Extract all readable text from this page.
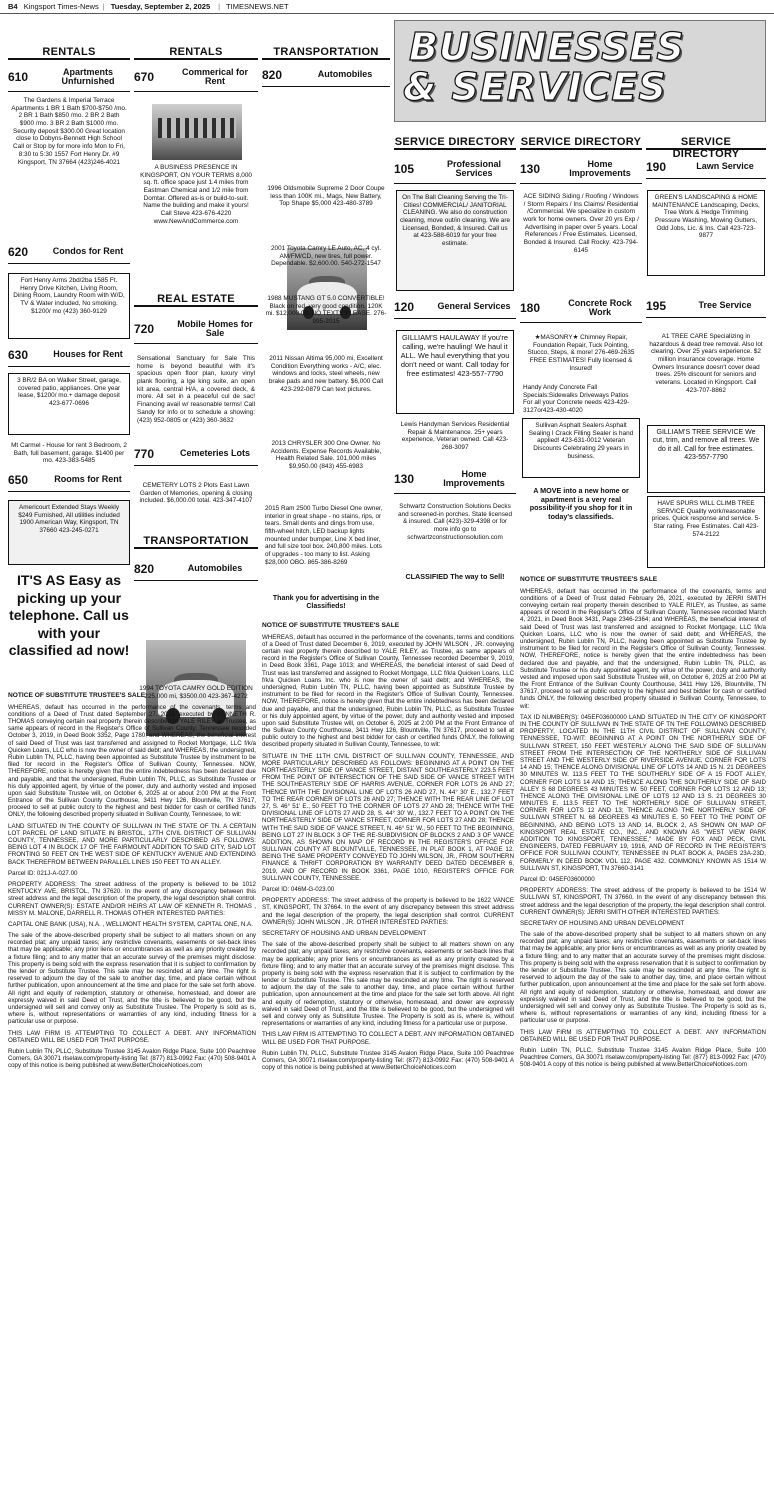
B4 Kingsport Times-News | Tuesday, September 2, 2025 | TIMESNEWS.NET
RENTALS
610	Apartments Unfurnished
The Gardens & Imperial Terrace Apartments 1 BR 1 Bath $700-$750 /mo. 2 BR 1 Bath $850 /mo. 2 BR 2 Bath $900 /mo. 3 BR 2 Bath $1000 /mo. Security deposit $300.00 Great location close to Dobyns-Bennett High School Call or Stop by for more info Mon to Fri, 8:30 to 5:30 1557 Fort Henry Dr. #9 Kingsport, TN 37664 (423)246-4021
620	Condos for Rent
Fort Henry Arms 2bd/2ba 1585 Ft. Henry Drive Kitchen, Living Room, Dining Room, Laundry Room with W/D, TV & Water included, No smoking. $1200/ mo (423) 360-9129
630	Houses for Rent
3 BR/2 BA on Walker Street, garage, covered patio, appliances. One year lease, $1200/ mo.+ damage deposit 423-677-0696
Mt Carmel - House for rent 3 Bedroom, 2 Bath, full basement, garage. $1400 per mo. 423-383-5485
650	Rooms for Rent
Americourt Extended Stays Weekly $249 Furnished, All utilities included 1900 American Way, Kingsport, TN 37660 423-245-0271
IT'S AS Easy as picking up your telephone. Call us with your classified ad now!
RENTALS
670	Commerical for Rent
A BUSINESS PRESENCE IN KINGSPORT, ON YOUR TERMS 8,000 sq. ft. office space just 1.4 miles from Eastman Chemical and 1/2 mile from Domtar. Offered as-is or build-to-suit. Name the building and make it yours! Call Steve 423-676-4220 www.NewAndCommerce.com
REAL ESTATE
720	Mobile Homes for Sale
Sensational Sanctuary for Sale This home is beyond beautiful with it's spacious open floor plan, luxury vinyl plank flooring, a lge king suite, an open kit area, central H/A, a covered deck, & more. All set in a peaceful cul de sac! Financing avail w/ reasonable terms! Call Sandy for info or to schedule a showing: (423) 952-0805 or (423) 360-3632
770	Cemeteries Lots
CEMETERY LOTS 2 Plots East Lawn Garden of Memories, opening & closing included. $6,000.00 total. 423-347-4107
TRANSPORTATION
820	Automobiles
1994 TOYOTA CAMRY GOLD EDITION 225,000 mi, $3500.00 423-367-4272
TRANSPORTATION
820	Automobiles
1996 Oldsmobile Supreme 2 Door Coupe less than 100K mi., Mags, New Battery, Top Shape $5,000 423-480-3789
2001 Toyota Camry LE Auto, AC, 4 cyl. AM/FM/CD, new tires, full power. Dependable. $2,600.00. 540-272-1547
1988 MUSTANG GT 5.0 CONVERTIBLE! Black on red, very good condition. 120K mi. $12,000.00. NO TEXTS PLEASE. 276-995-2015
2011 Nissan Altima 95,000 mi, Excellent Condition Everything works - A/C, elec. windows and locks, steel wheels, new brake pads and new battery. $6,000 Call 423-292-0879 Can text pictures.
2013 CHRYSLER 300 One Owner. No Accidents. Expense Records Available, Health Related Sale. 101,000 miles $9,950.00 (843) 455-6983
2015 Ram 2500 Turbo Diesel One owner, interior in great shape - no stains, rips, or tears. Small dents and dings from use, fifth-wheel hitch, LED backup lights mounted under bumper, Line X bed liner, and full size tool box. 240,800 miles. Lots of upgrades - too many to list. Asking $28,000 OBO. 865-386-8269
Thank you for advertising in the Classifieds!
BUSINESSES
& SERVICES
SERVICE DIRECTORY
105	Professional Services
On The Ball Cleaning Serving the Tri-Cities! COMMERCIAL/ JANITORIAL CLEANING. We also do construction cleaning, move out/in cleaning. We are Licensed, Bonded, & Insured. Call us at 423-588-6019 for your free estimate.
120	General Services
GILLIAM'S HAULAWAY If you're calling, we're hauling! We haul it ALL. We haul everything that you don't need or want. Call today for free estimates! 423-557-7790
Lewis Handyman Services Residential Repair & Maintenance. 25+ years experience, Veteran owned. Call 423-268-3097
130	Home Improvements
Schwartz Construction Solutions Decks and screened-in porches. State licensed & insured. Call (423)-329-4398 or for more info go to schwartzconstructionsolution.com
CLASSIFIED The way to Sell!
SERVICE DIRECTORY
130	Home Improvements
ACE SIDING Siding / Roofing / Windows / Storm Repairs / Ins Claims/ Residential /Commercial. We specialize in custom work for home owners. Over 20 yrs Exp / Advertising in paper over 5 years. Local References / Free Estimates. Licensed, Bonded & Insured. Call Rocky: 423-794-6145
180	Concrete Rock Work
★MASONRY★ Chimney Repair, Foundation Repair, Tuck Pointing, Stucco, Steps, & more! 276-469-2635 FREE ESTIMATES! Fully licensed & Insured!
Handy Andy Concrete Fall Specials:Sidewalks Driveways Patios For all your Concrete needs 423-429-3127or423-430-4020
Sullivan Asphalt Sealers Asphalt Sealing I Crack Filling Sealer is hand applied! 423-631-0012 Veteran Discounts Celebrating 29 years in business.
A MOVE into a new home or apartment is a very real possibility-if you shop for it in today's classifieds.
SERVICE DIRECTORY
190	Lawn Service
GREEN'S LANDSCAPING & HOME MAINTENANCE Landscaping, Decks, Tree Work & Hedge Trimming Pressure Washing, Mowing Gutters, Odd Jobs, Lic. & Ins. Call 423-723-9877
195	Tree Service
A1 TREE CARE Specializing in hazardous & dead tree removal. Also lot clearing. Over 25 years experience. $2 million insurance coverage. Home Owners Insurance doesn't cover dead trees. 25% discount for seniors and veterans. Located in Kingsport. Call 423-707-8862
GILLIAM'S TREE SERVICE We cut, trim, and remove all trees. We do it all. Call for free estimates. 423-557-7790
HAVE SPURS WILL CLIMB TREE SERVICE Quality work/reasonable prices. Quick response and service. 5-Star rating. Free Estimates. Call 423-574-2122
NOTICE OF SUBSTITUTE TRUSTEE'S SALE

WHEREAS, default has occurred in the performance of the covenants, terms and conditions of a Deed of Trust dated September 27, 2019, executed by KENNETH R. THOMAS conveying certain real property therein described to YALE RILEY as Trustee, as same appears of record in the Register's Office of Sullivan County, Tennessee recorded October 3, 2019, in Deed Book 3352, Page 1780; and WHEREAS, the beneficial interest of said Deed of Trust was last transferred and assigned to Rocket Mortgage, LLC f/k/a Quicken Loans, LLC who is now the owner of said debt; and WHEREAS, the undersigned, Rubin Lublin TN, PLLC, having been appointed as Substitute Trustee by instrument to be filed for record in the Register's Office of Sullivan County, Tennessee. NOW, THEREFORE, notice is hereby given that the entire indebtedness has been declared due and payable, and that the undersigned, Rubin Lublin TN, PLLC, as Substitute Trustee or his duly appointed agent, by virtue of the power, duty and authority vested and imposed upon said Substitute Trustee will, on October 6, 2025 at or about 2:00 PM at the Front Entrance of the Sullivan County Courthouse, 3411 Hwy 126, Blountville, TN 37617, proceed to sell at public outcry to the highest and best bidder for cash or certified funds ONLY, the following described property situated in Sullivan County, Tennessee, to wit:

LAND SITUATED IN THE COUNTY OF SULLIVAN IN THE STATE OF TN. A CERTAIN LOT PARCEL OF LAND SITUATE IN BRISTOL, 17TH CIVIL DISTRICT OF SULLIVAN COUNTY, TENNESSEE, AND MORE PARTICULARLY DESCRIBED AS FOLLOWS: BEING LOT 4 IN BLOCK 17 OF THE FAIRMOUNT ADDITION TO SAID CITY, SAID LOT FRONTING 50 FEET ON THE WEST SIDE OF KENTUCKY AVENUE AND EXTENDING BACK THEREFROM BETWEEN PARALLEL LINES 150 FEET TO AN ALLEY.

Parcel ID: 021J-A-027.00

PROPERTY ADDRESS: The street address of the property is believed to be 1012 KENTUCKY AVE, BRISTOL, TN 37620. In the event of any discrepancy between this street address and the legal description of the property, the legal description shall control. CURRENT OWNER(S): ESTATE AND/OR HEIRS AT LAW OF KENNETH R. THOMAS , MISSY M. MALONE, DARRELL R. THOMAS OTHER INTERESTED PARTIES:

CAPITAL ONE BANK (USA), N.A. , WELLMONT HEALTH SYSTEM, CAPITAL ONE, N.A.

The sale of the above-described property shall be subject to all matters shown on any recorded plat; any unpaid taxes; any restrictive covenants, easements or set-back lines that may be applicable; any prior liens or encumbrances as well as any priority created by a fixture filing; and to any matter that an accurate survey of the premises might disclose. This property is being sold with the express reservation that it is subject to confirmation by the lender or Substitute Trustee. This sale may be rescinded at any time. The right is reserved to adjourn the day of the sale to another day, time, and place certain without further publication, upon announcement at the time and place for the sale set forth above. All right and equity of redemption, statutory or otherwise, homestead, and dower are expressly waived in said Deed of Trust, and the title is believed to be good, but the undersigned will sell and convey only as Substitute Trustee. The Property is sold as is, where is, without representations or warranties of any kind, including fitness for a particular use or purpose.

THIS LAW FIRM IS ATTEMPTING TO COLLECT A DEBT. ANY INFORMATION OBTAINED WILL BE USED FOR THAT PURPOSE.

Rubin Lublin TN, PLLC, Substitute Trustee 3145 Avalon Ridge Place, Suite 100 Peachtree Corners, GA 30071 rlselaw.com/property-listing Tel: (877) 813-0992 Fax: (470) 508-9401 A copy of this notice is being published at www.BetterChoiceNotices.com

NOTICE OF SUBSTITUTE TRUSTEE'S SALE

WHEREAS, default has occurred in the performance of the covenants, terms and conditions of a Deed of Trust dated December 6, 2019, executed by JOHN WILSON , JR. conveying certain real property therein described to YALE RILEY, as Trustee, as same appears of record in the Register's Office of Sullivan County, Tennessee recorded December 9, 2019, in Deed Book 3361, Page 1013; and WHEREAS, the beneficial interest of said Deed of Trust was last transferred and assigned to Rocket Mortgage, LLC f/k/a Quicken Loans, LLC f/k/a Quicken Loans Inc. who is now the owner of said debt; and WHEREAS, the undersigned, Rubin Lublin TN, PLLC, having been appointed as Substitute Trustee by instrument to be filed for record in the Register's Office of Sullivan County, Tennessee. NOW, THEREFORE, notice is hereby given that the entire indebtedness has been declared due and payable, and that the undersigned, Rubin Lublin TN, PLLC, as Substitute Trustee or his duly appointed agent, by virtue of the power, duty and authority vested and imposed upon said Substitute Trustee will, on October 6, 2025 at 2:00 PM at the Front Entrance of the Sullivan County Courthouse, 3411 Hwy 126, Blountville, TN 37617, proceed to sell at public outcry to the highest and best bidder for cash or certified funds ONLY, the following described property situated in Sullivan County, Tennessee, to wit:

SITUATE IN THE 11TH CIVIL DISTRICT OF SULLIVAN COUNTY, TENNESSEE, AND MORE PARTICULARLY DESCRIBED AS FOLLOWS: BEGINNING AT A POINT ON THE NORTHEASTERLY SIDE OF VANCE STREET, DISTANT SOUTHEASTERLY 223.5 FEET FROM THE POINT OF INTERSECTION OF THE SAID SIDE OF VANCE STREET WITH THE SOUTHEASTERLY SIDE OF HARRIS AVENUE, CORNER FOR LOTS 26 AND 27; THENCE WITH THE DIVISIONAL LINE OF LOTS 26 AND 27, N. 44° 30' E., 132.7 FEET TO THE REAR CORNER OF LOTS 26 AND 27; THENCE WITH THE REAR LINE OF LOT 27, S. 46° 51' E., 50 FEET TO THE CORNER OF LOTS 27 AND 28; THENCE WITH THE DIVISIONAL LINE OF LOTS 27 AND 28, S. 44° 30' W., 132.7 FEET TO A POINT ON THE NORTHEASTERLY SIDE OF VANCE STREET, CORNER FOR LOTS 27 AND 28; THENCE WITH THE SAID SIDE OF VANCE STREET, N. 46° 51' W., 50 FEET TO THE BEGINNING, BEING LOT 27 IN BLOCK 3 OF THE RE-SUBDIVISION OF BLOCKS 2 AND 3 OF VANCE ADDITION, AS SHOWN ON MAP OF RECORD IN THE REGISTER'S OFFICE FOR SULLIVAN COUNTY AT BLOUNTVILLE, TENNESSEE, IN PLAT BOOK 1, AT PAGE 12. BEING THE SAME PROPERTY CONVEYED TO JOHN WILSON, JR., FROM SOUTHERN FINANCE & THRIFT CORPORATION BY WARRANTY DEED DATED DECEMBER 6, 2019, AND OF RECORD IN BOOK 3361, PAGE 1010, REGISTER'S OFFICE FOR SULLIVAN COUNTY, TENNESSEE.

Parcel ID: 046M-G-023.00

PROPERTY ADDRESS: The street address of the property is believed to be 1622 VANCE ST, KINGSPORT, TN 37664. In the event of any discrepancy between this street address and the legal description of the property, the legal description shall control. CURRENT OWNER(S): JOHN WILSON , JR. OTHER INTERESTED PARTIES:

SECRETARY OF HOUSING AND URBAN DEVELOPMENT

The sale of the above-described property shall be subject to all matters shown on any recorded plat; any unpaid taxes; any restrictive covenants, easements or set-back lines that may be applicable; any prior liens or encumbrances as well as any priority created by a fixture filing; and to any matter that an accurate survey of the premises might disclose. This property is being sold with the express reservation that it is subject to confirmation by the lender or Substitute Trustee. This sale may be rescinded at any time. The right is reserved to adjourn the day of the sale to another day, time, and place certain without further publication, upon announcement at the time and place for the sale set forth above. All right and equity of redemption, statutory or otherwise, homestead, and dower are expressly waived in said Deed of Trust, and the title is believed to be good, but the undersigned will sell and convey only as Substitute Trustee. The Property is sold as is, where is, without representations or warranties of any kind, including fitness for a particular use or purpose.

THIS LAW FIRM IS ATTEMPTING TO COLLECT A DEBT. ANY INFORMATION OBTAINED WILL BE USED FOR THAT PURPOSE.

Rubin Lublin TN, PLLC, Substitute Trustee 3145 Avalon Ridge Place, Suite 100 Peachtree Corners, GA 30071 rlselaw.com/property-listing Tel: (877) 813-0992 Fax: (470) 508-9401 A copy of this notice is being published at www.BetterChoiceNotices.com

NOTICE OF SUBSTITUTE TRUSTEE'S SALE

WHEREAS, default has occurred in the performance of the covenants, terms and conditions of a Deed of Trust dated February 26, 2021, executed by JERRI SMITH conveying certain real property therein described to YALE RILEY, as Trustee, as same appears of record in the Register's Office of Sullivan County, Tennessee recorded March 4, 2021, in Deed Book 3431, Page 2346-2364; and WHEREAS, the beneficial interest of said Deed of Trust was last transferred and assigned to Rocket Mortgage, LLC f/k/a Quicken Loans, LLC who is now the owner of said debt; and WHEREAS, the undersigned, Rubin Lublin TN, PLLC, having been appointed as Substitute Trustee by instrument to be filed for record in the Register's Office of Sullivan County, Tennessee. NOW, THEREFORE, notice is hereby given that the entire indebtedness has been declared due and payable, and that the undersigned, Rubin Lublin TN, PLLC, as Substitute Trustee or his duly appointed agent, by virtue of the power, duty and authority vested and imposed upon said Substitute Trustee will, on October 6, 2025 at 2:00 PM at the Front Entrance of the Sullivan County Courthouse, 3411 Hwy 126, Blountville, TN 37617, proceed to sell at public outcry to the highest and best bidder for cash or certified funds ONLY, the following described property situated in Sullivan County, Tennessee, to wit:

TAX ID NUMBER(S): 045EF03600000 LAND SITUATED IN THE CITY OF KINGSPORT IN THE COUNTY OF SULLIVAN IN THE STATE OF TN THE FOLLOWING DESCRIBED PROPERTY, LOCATED IN THE 11TH CIVIL DISTRICT OF SULLIVAN COUNTY, TENNESSEE, TO-WIT: BEGINNING AT A POINT ON THE NORTHERLY SIDE OF SULLIVAN STREET, 150 FEET WESTERLY ALONG THE SAID SIDE OF SULLIVAN STREET FROM THE INTERSECTION OF THE NORTHERLY SIDE OF SULLIVAN STREET AND THE WESTERLY SIDE OF RIVERSIDE AVENUE, CORNER FOR LOTS 14 AND 15; THENCE ALONG DIVISIONAL LINE OF LOTS 14 AND 15 N. 21 DEGREES 30 MINUTES W. 113.5 FEET TO THE SOUTHERLY SIDE OF A 15 FOOT ALLEY, CORNER FOR LOTS 14 AND 15; THENCE ALONG THE SOUTHERLY SIDE OF SAID ALLEY S 68 DEGREES 43 MINUTES W. 50 FEET, CORNER FOR LOTS 12 AND 13; THENCE ALONG THE DIVISIONAL LINE OF LOTS 12 AND 13 S. 21 DEGREES 30 MINUTES E. 113.5 FEET TO THE NORTHERLY SIDE OF SULLIVAN STREET, CORNER FOR LOTS 12 AND 13; THENCE ALONG THE NORTHERLY SIDE OF SULLIVAN STREET N. 68 DEGREES 43 MINUTES E. 50 FEET TO THE POINT OF BEGINNING, AND BEING LOTS 13 AND 14, BLOCK 2, AS SHOWN ON MAP OF KINGSPORT REAL ESTATE CO., INC., AND KNOWN AS "WEST VIEW PARK ADDITION TO KINGSPORT, TENNESSEE," MADE BY FOX AND PECK, CIVIL ENGINEERS, DATED FEBRUARY 19, 1916, AND OF RECORD IN THE REGISTER'S OFFICE FOR SULLIVAN COUNTY, TENNESSEE IN PLAT BOOK A, PAGES 23A-23D, FORMERLY IN DEED BOOK VOL 112, PAGE 432. COMMONLY KNOWN AS 1514 W SULLIVAN ST, KINGSPORT, TN 37660-3141

Parcel ID: 045EF03600000

PROPERTY ADDRESS: The street address of the property is believed to be 1514 W SULLIVAN ST, KINGSPORT, TN 37660. In the event of any discrepancy between this street address and the legal description of the property, the legal description shall control. CURRENT OWNER(S): JERRI SMITH OTHER INTERESTED PARTIES:

SECRETARY OF HOUSING AND URBAN DEVELOPMENT

The sale of the above-described property shall be subject to all matters shown on any recorded plat; any unpaid taxes; any restrictive covenants, easements or set-back lines that may be applicable; any prior liens or encumbrances as well as any priority created by a fixture filing; and to any matter that an accurate survey of the premises might disclose. This property is being sold with the express reservation that it is subject to confirmation by the lender or Substitute Trustee. This sale may be rescinded at any time. The right is reserved to adjourn the day of the sale to another day, time, and place certain without further publication, upon announcement at the time and place for the sale set forth above. All right and equity of redemption, statutory or otherwise, homestead, and dower are expressly waived in said Deed of Trust, and the title is believed to be good, but the undersigned will sell and convey only as Substitute Trustee. The Property is sold as is, where is, without representations or warranties of any kind, including fitness for a particular use or purpose.

THIS LAW FIRM IS ATTEMPTING TO COLLECT A DEBT. ANY INFORMATION OBTAINED WILL BE USED FOR THAT PURPOSE.

Rubin Lublin TN, PLLC, Substitute Trustee 3145 Avalon Ridge Place, Suite 100 Peachtree Corners, GA 30071 rlselaw.com/property-listing Tel: (877) 813-0992 Fax: (470) 508-9401 A copy of this notice is being published at www.BetterChoiceNotices.com
